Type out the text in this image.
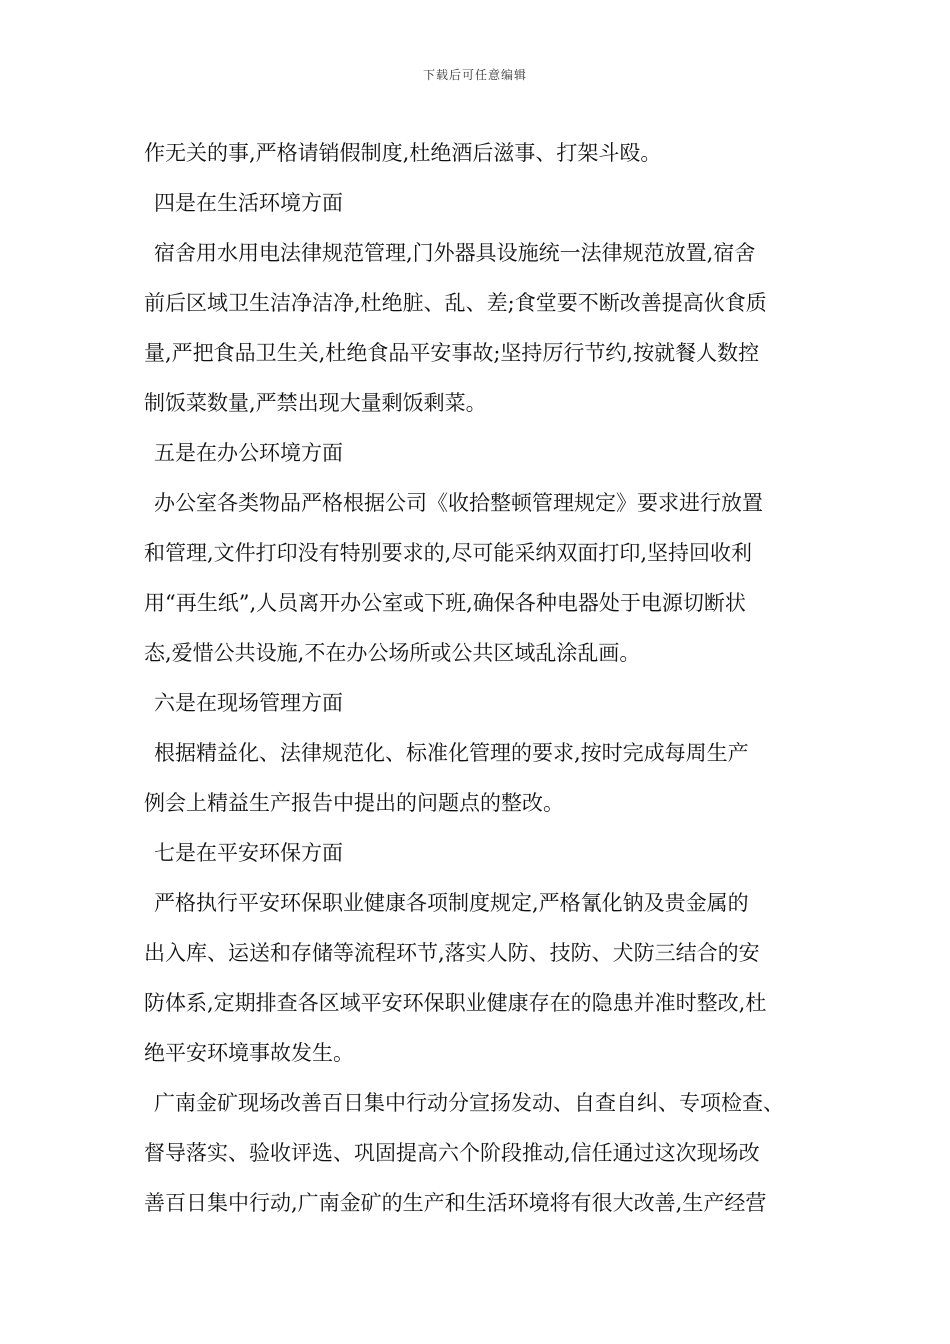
下载后可任意编辑
作无关的事,严格请销假制度,杜绝酒后滋事、打架斗殴。
四是在生活环境方面
宿舍用水用电法律规范管理,门外器具设施统一法律规范放置,宿舍
前后区域卫生洁净洁净,杜绝脏、乱、差;食堂要不断改善提高伙食质
量,严把食品卫生关,杜绝食品平安事故;坚持厉行节约,按就餐人数控
制饭菜数量,严禁出现大量剩饭剩菜。
五是在办公环境方面
办公室各类物品严格根据公司《收拾整顿管理规定》要求进行放置
和管理,文件打印没有特别要求的,尽可能采纳双面打印,坚持回收利
用“再生纸”,人员离开办公室或下班,确保各种电器处于电源切断状
态,爱惜公共设施,不在办公场所或公共区域乱涂乱画。
六是在现场管理方面
根据精益化、法律规范化、标准化管理的要求,按时完成每周生产
例会上精益生产报告中提出的问题点的整改。
七是在平安环保方面
严格执行平安环保职业健康各项制度规定,严格氰化钠及贵金属的
出入库、运送和存储等流程环节,落实人防、技防、犬防三结合的安
防体系,定期排查各区域平安环保职业健康存在的隐患并准时整改,杜
绝平安环境事故发生。
广南金矿现场改善百日集中行动分宣扬发动、自查自纠、专项检查、
督导落实、验收评选、巩固提高六个阶段推动,信任通过这次现场改
善百日集中行动,广南金矿的生产和生活环境将有很大改善,生产经营
